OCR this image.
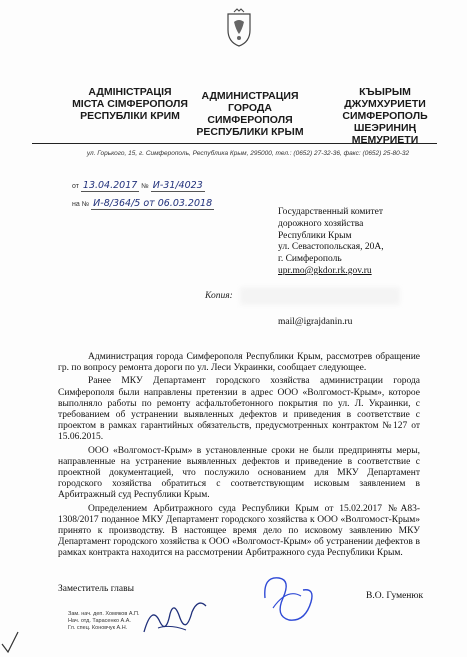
АДМІНІСТРАЦІЯ
МІСТА СІМФЕРОПОЛЯ
РЕСПУБЛІКИ КРИМ
АДМИНИСТРАЦИЯ
ГОРОДА СИМФЕРОПОЛЯ
РЕСПУБЛИКИ КРЫМ
КЪЫРЫМ
ДЖУМХУРИЕТИ
СИМФЕРОПОЛЬ
ШЕЭРИНИҢ
МЕМУРИЕТИ
ул. Горького, 15, г. Симферополь, Республика Крым, 295000, тел.: (0652) 27-32-36, факс: (0652) 25-80-32
от 13.04.2017 № И-31/4023
на № И-8/364/5 от 06.03.2018
Государственный комитет
дорожного хозяйства
Республики Крым
ул. Севастопольская, 20А,
г. Симферополь
upr.mo@gkdor.rk.gov.ru
Копия:
mail@igrajdanin.ru

Администрация города Симферополя Республики Крым, рассмотрев обращение гр. по вопросу ремонта дороги по ул. Леси Украинки, сообщает следующее.

Ранее МКУ Департамент городского хозяйства администрации города Симферополя были направлены претензии в адрес ООО «Волгомост-Крым», которое выполняло работы по ремонту асфальтобетонного покрытия по ул. Л. Украинки, с требованием об устранении выявленных дефектов и приведения в соответствие с проектом в рамках гарантийных обязательств, предусмотренных контрактом №127 от 15.06.2015.

ООО «Волгомост-Крым» в установленные сроки не были предприняты меры, направленные на устранение выявленных дефектов и приведение в соответствие с проектной документацией, что послужило основанием для МКУ Департамент городского хозяйства обратиться с соответствующим исковым заявлением в Арбитражный суд Республики Крым.

Определением Арбитражного суда Республики Крым от 15.02.2017 №А83-1308/2017 поданное МКУ Департамент городского хозяйства к ООО «Волгомост-Крым» принято к производству. В настоящее время дело по исковому заявлению МКУ Департамент городского хозяйства к ООО «Волгомост-Крым» об устранении дефектов в рамках контракта находится на рассмотрении Арбитражного суда Республики Крым.

Заместитель главы
В.О. Гуменюк
Зам. нач. деп. Хомяков А.П.
Нач. отд. Тарасенко А.А.
Гл. спец. Коновчук А.Н.
